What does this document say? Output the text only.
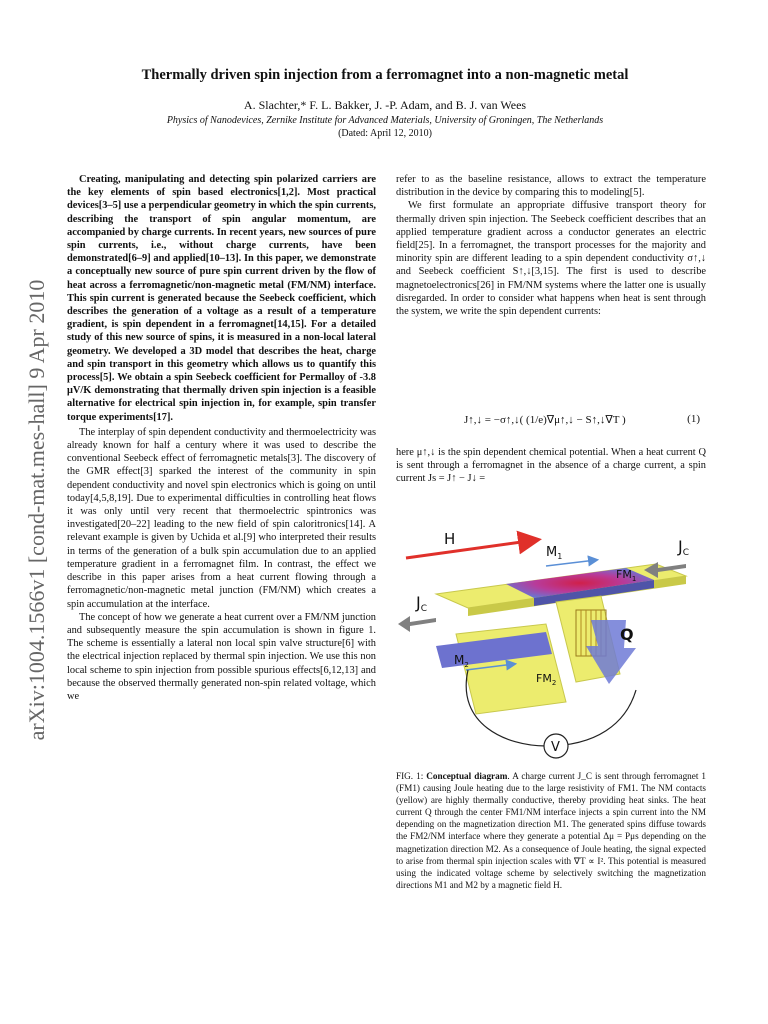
arXiv:1004.1566v1 [cond-mat.mes-hall] 9 Apr 2010
Thermally driven spin injection from a ferromagnet into a non-magnetic metal
A. Slachter,* F. L. Bakker, J. -P. Adam, and B. J. van Wees
Physics of Nanodevices, Zernike Institute for Advanced Materials, University of Groningen, The Netherlands
(Dated: April 12, 2010)

Creating, manipulating and detecting spin polarized carriers are the key elements of spin based electronics[1,2]. Most practical devices[3–5] use a perpendicular geometry in which the spin currents, describing the transport of spin angular momentum, are accompanied by charge currents. In recent years, new sources of pure spin currents, i.e., without charge currents, have been demonstrated[6–9] and applied[10–13]. In this paper, we demonstrate a conceptually new source of pure spin current driven by the flow of heat across a ferromagnetic/non-magnetic metal (FM/NM) interface. This spin current is generated because the Seebeck coefficient, which describes the generation of a voltage as a result of a temperature gradient, is spin dependent in a ferromagnet[14,15]. For a detailed study of this new source of spins, it is measured in a non-local lateral geometry. We developed a 3D model that describes the heat, charge and spin transport in this geometry which allows us to quantify this process[5]. We obtain a spin Seebeck coefficient for Permalloy of -3.8 μV/K demonstrating that thermally driven spin injection is a feasible alternative for electrical spin injection in, for example, spin transfer torque experiments[17].

The interplay of spin dependent conductivity and thermoelectricity was already known for half a century where it was used to describe the conventional Seebeck effect of ferromagnetic metals[3]. The discovery of the GMR effect[3] sparked the interest of the community in spin dependent conductivity and novel spin electronics which is going on until today[4,5,8,19]. Due to experimental difficulties in controlling heat flows it was only until very recent that thermoelectric spintronics was investigated[20–22] leading to the new field of spin caloritronics[14]. A relevant example is given by Uchida et al.[9] who interpreted their results in terms of the generation of a bulk spin accumulation due to an applied temperature gradient in a ferromagnet film. In contrast, the effect we describe in this paper arises from a heat current flowing through a ferromagnetic/non-magnetic metal junction (FM/NM) which creates a spin accumulation at the interface.

The concept of how we generate a heat current over a FM/NM junction and subsequently measure the spin accumulation is shown in figure 1. The scheme is essentially a lateral non local spin valve structure[6] with the electrical injection replaced by thermal spin injection. We use this non local scheme to spin injection from possible spurious effects[6,12,13] and because the observed thermally generated non-spin related voltage, which we

refer to as the baseline resistance, allows to extract the temperature distribution in the device by comparing this to modeling[5].

We first formulate an appropriate diffusive transport theory for thermally driven spin injection. The Seebeck coefficient describes that an applied temperature gradient across a conductor generates an electric field[25]. In a ferromagnet, the transport processes for the majority and minority spin are different leading to a spin dependent conductivity σ↑,↓ and Seebeck coefficient S↑,↓[3,15]. The first is used to describe magnetoelectronics[26] in FM/NM systems where the latter one is usually disregarded. In order to consider what happens when heat is sent through the system, we write the spin dependent currents:

J↑,↓ = −σ↑,↓( (1/e)∇μ↑,↓ − S↑,↓∇T )	(1)

here μ↑,↓ is the spin dependent chemical potential. When a heat current Q is sent through a ferromagnet in the absence of a charge current, a spin current Js = J↑ − J↓ =

H
$M_1$
JC
$FM_1$
JC
Q
$M_2$
$FM_2$
V
FIG. 1: Conceptual diagram. A charge current J_C is sent through ferromagnet 1 (FM1) causing Joule heating due to the large resistivity of FM1. The NM contacts (yellow) are highly thermally conductive, thereby providing heat sinks. The heat current Q through the center FM1/NM interface injects a spin current into the NM depending on the magnetization direction M1. The generated spins diffuse towards the FM2/NM interface where they generate a potential Δμ = Pμs depending on the magnetization direction M2. As a consequence of Joule heating, the signal expected to arise from thermal spin injection scales with ∇T ∝ I². This potential is measured using the indicated voltage scheme by selectively switching the magnetization directions M1 and M2 by a magnetic field H.
